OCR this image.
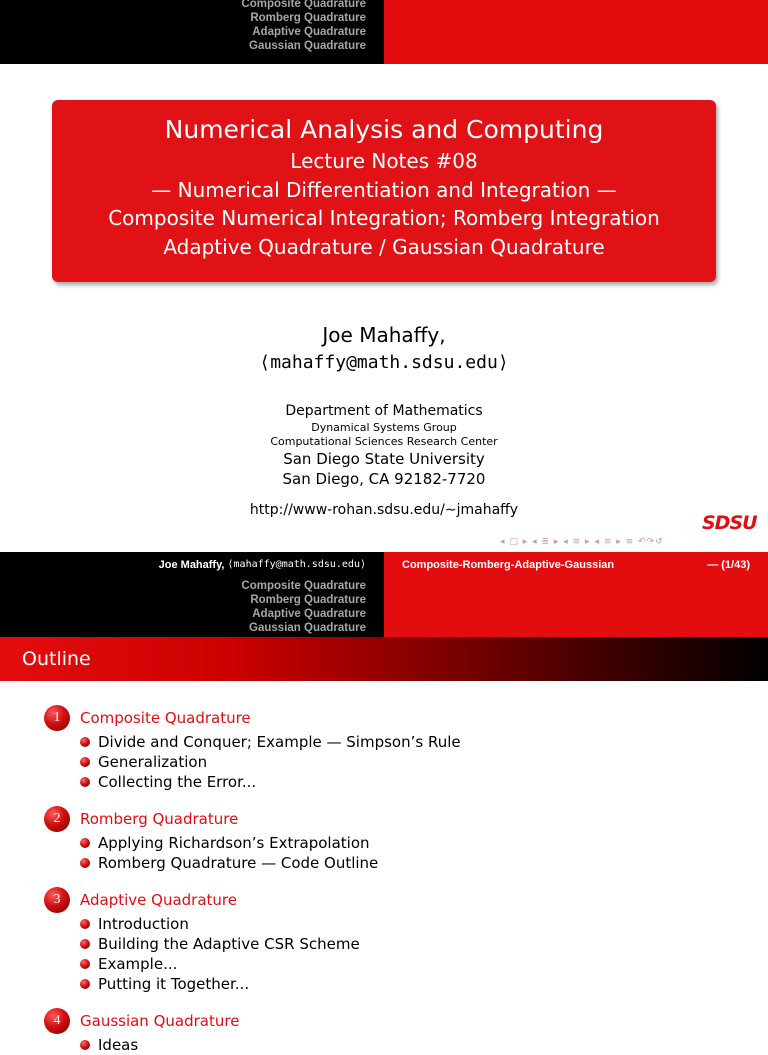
Composite Quadrature
Romberg Quadrature
Adaptive Quadrature
Gaussian Quadrature
Numerical Analysis and Computing
Lecture Notes #08
— Numerical Differentiation and Integration —
Composite Numerical Integration; Romberg Integration
Adaptive Quadrature / Gaussian Quadrature
Joe Mahaffy,
⟨mahaffy@math.sdsu.edu⟩
Department of Mathematics
Dynamical Systems Group
Computational Sciences Research Center
San Diego State University
San Diego, CA 92182-7720
http://www-rohan.sdsu.edu/∼jmahaffy
SDSU
◂ ▢ ▸ ◂ ≣ ▸ ◂ ≡ ▸ ◂ ≡ ▸ ≡ ↶↷↺
Joe Mahaffy,
⟨mahaffy@math.sdsu.edu⟩	Composite-Romberg-Adaptive-Gaussian	— (1/43)
Composite Quadrature
Romberg Quadrature
Adaptive Quadrature
Gaussian Quadrature
Outline
1	Composite Quadrature
Divide and Conquer; Example — Simpson’s Rule
Generalization
Collecting the Error...
2	Romberg Quadrature
Applying Richardson’s Extrapolation
Romberg Quadrature — Code Outline
3	Adaptive Quadrature
Introduction
Building the Adaptive CSR Scheme
Example...
Putting it Together...
4	Gaussian Quadrature
Ideas
